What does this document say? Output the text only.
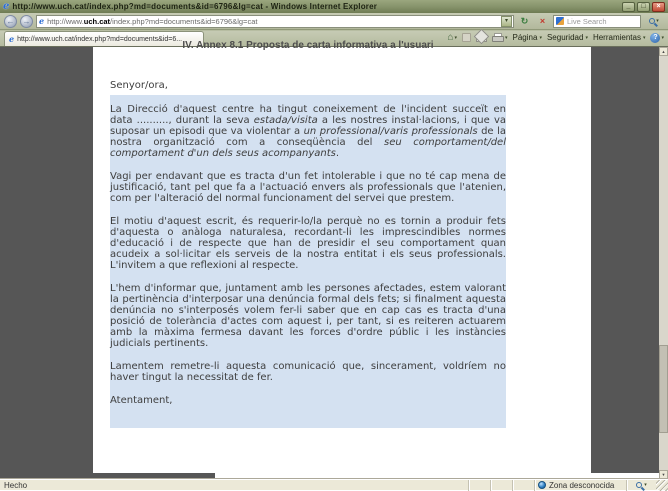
e http://www.uch.cat/index.php?md=documents&id=6796&lg=cat - Windows Internet Explorer	_	□	×
←	→	e http://www.uch.cat/index.php?md=documents&id=6796&lg=cat	▾	↻	×	Live Search	▾
e http://www.uch.cat/index.php?md=documents&id=6...	⌂ ▾	▾ Página ▾ Seguridad ▾ Herramientas ▾	? ▾
IV. Annex 8.1 Proposta de carta informativa a l'usuari
Senyor/ora,

La Direcció d'aquest centre ha tingut coneixement de l'incident succeït en data .........., durant la seva estada/visita a les nostres instal·lacions, i que va suposar un episodi que va violentar a un professional/varis professionals de la nostra organització com a conseqüència del seu comportament/del comportament d'un dels seus acompanyants.

Vagi per endavant que es tracta d'un fet intolerable i que no té cap mena de justificació, tant pel que fa a l'actuació envers als professionals que l'atenien, com per l'alteració del normal funcionament del servei que prestem.

El motiu d'aquest escrit, és requerir-lo/la perquè no es tornin a produir fets d'aquesta o anàloga naturalesa, recordant-li les imprescindibles normes d'educació i de respecte que han de presidir el seu comportament quan acudeix a sol·licitar els serveis de la nostra entitat i els seus professionals. L'invitem a que reflexioni al respecte.

L'hem d'informar que, juntament amb les persones afectades, estem valorant la pertinència d'interposar una denúncia formal dels fets; si finalment aquesta denúncia no s'interposés volem fer-li saber que en cap cas es tracta d'una posició de tolerància d'actes com aquest i, per tant, si es reiteren actuarem amb la màxima fermesa davant les forces d'ordre públic i les instàncies judicials pertinents.

Lamentem remetre-li aquesta comunicació que, sincerament, voldríem no haver tingut la necessitat de fer.

Atentament,

▲
▼
Hecho	Zona desconocida	▾
